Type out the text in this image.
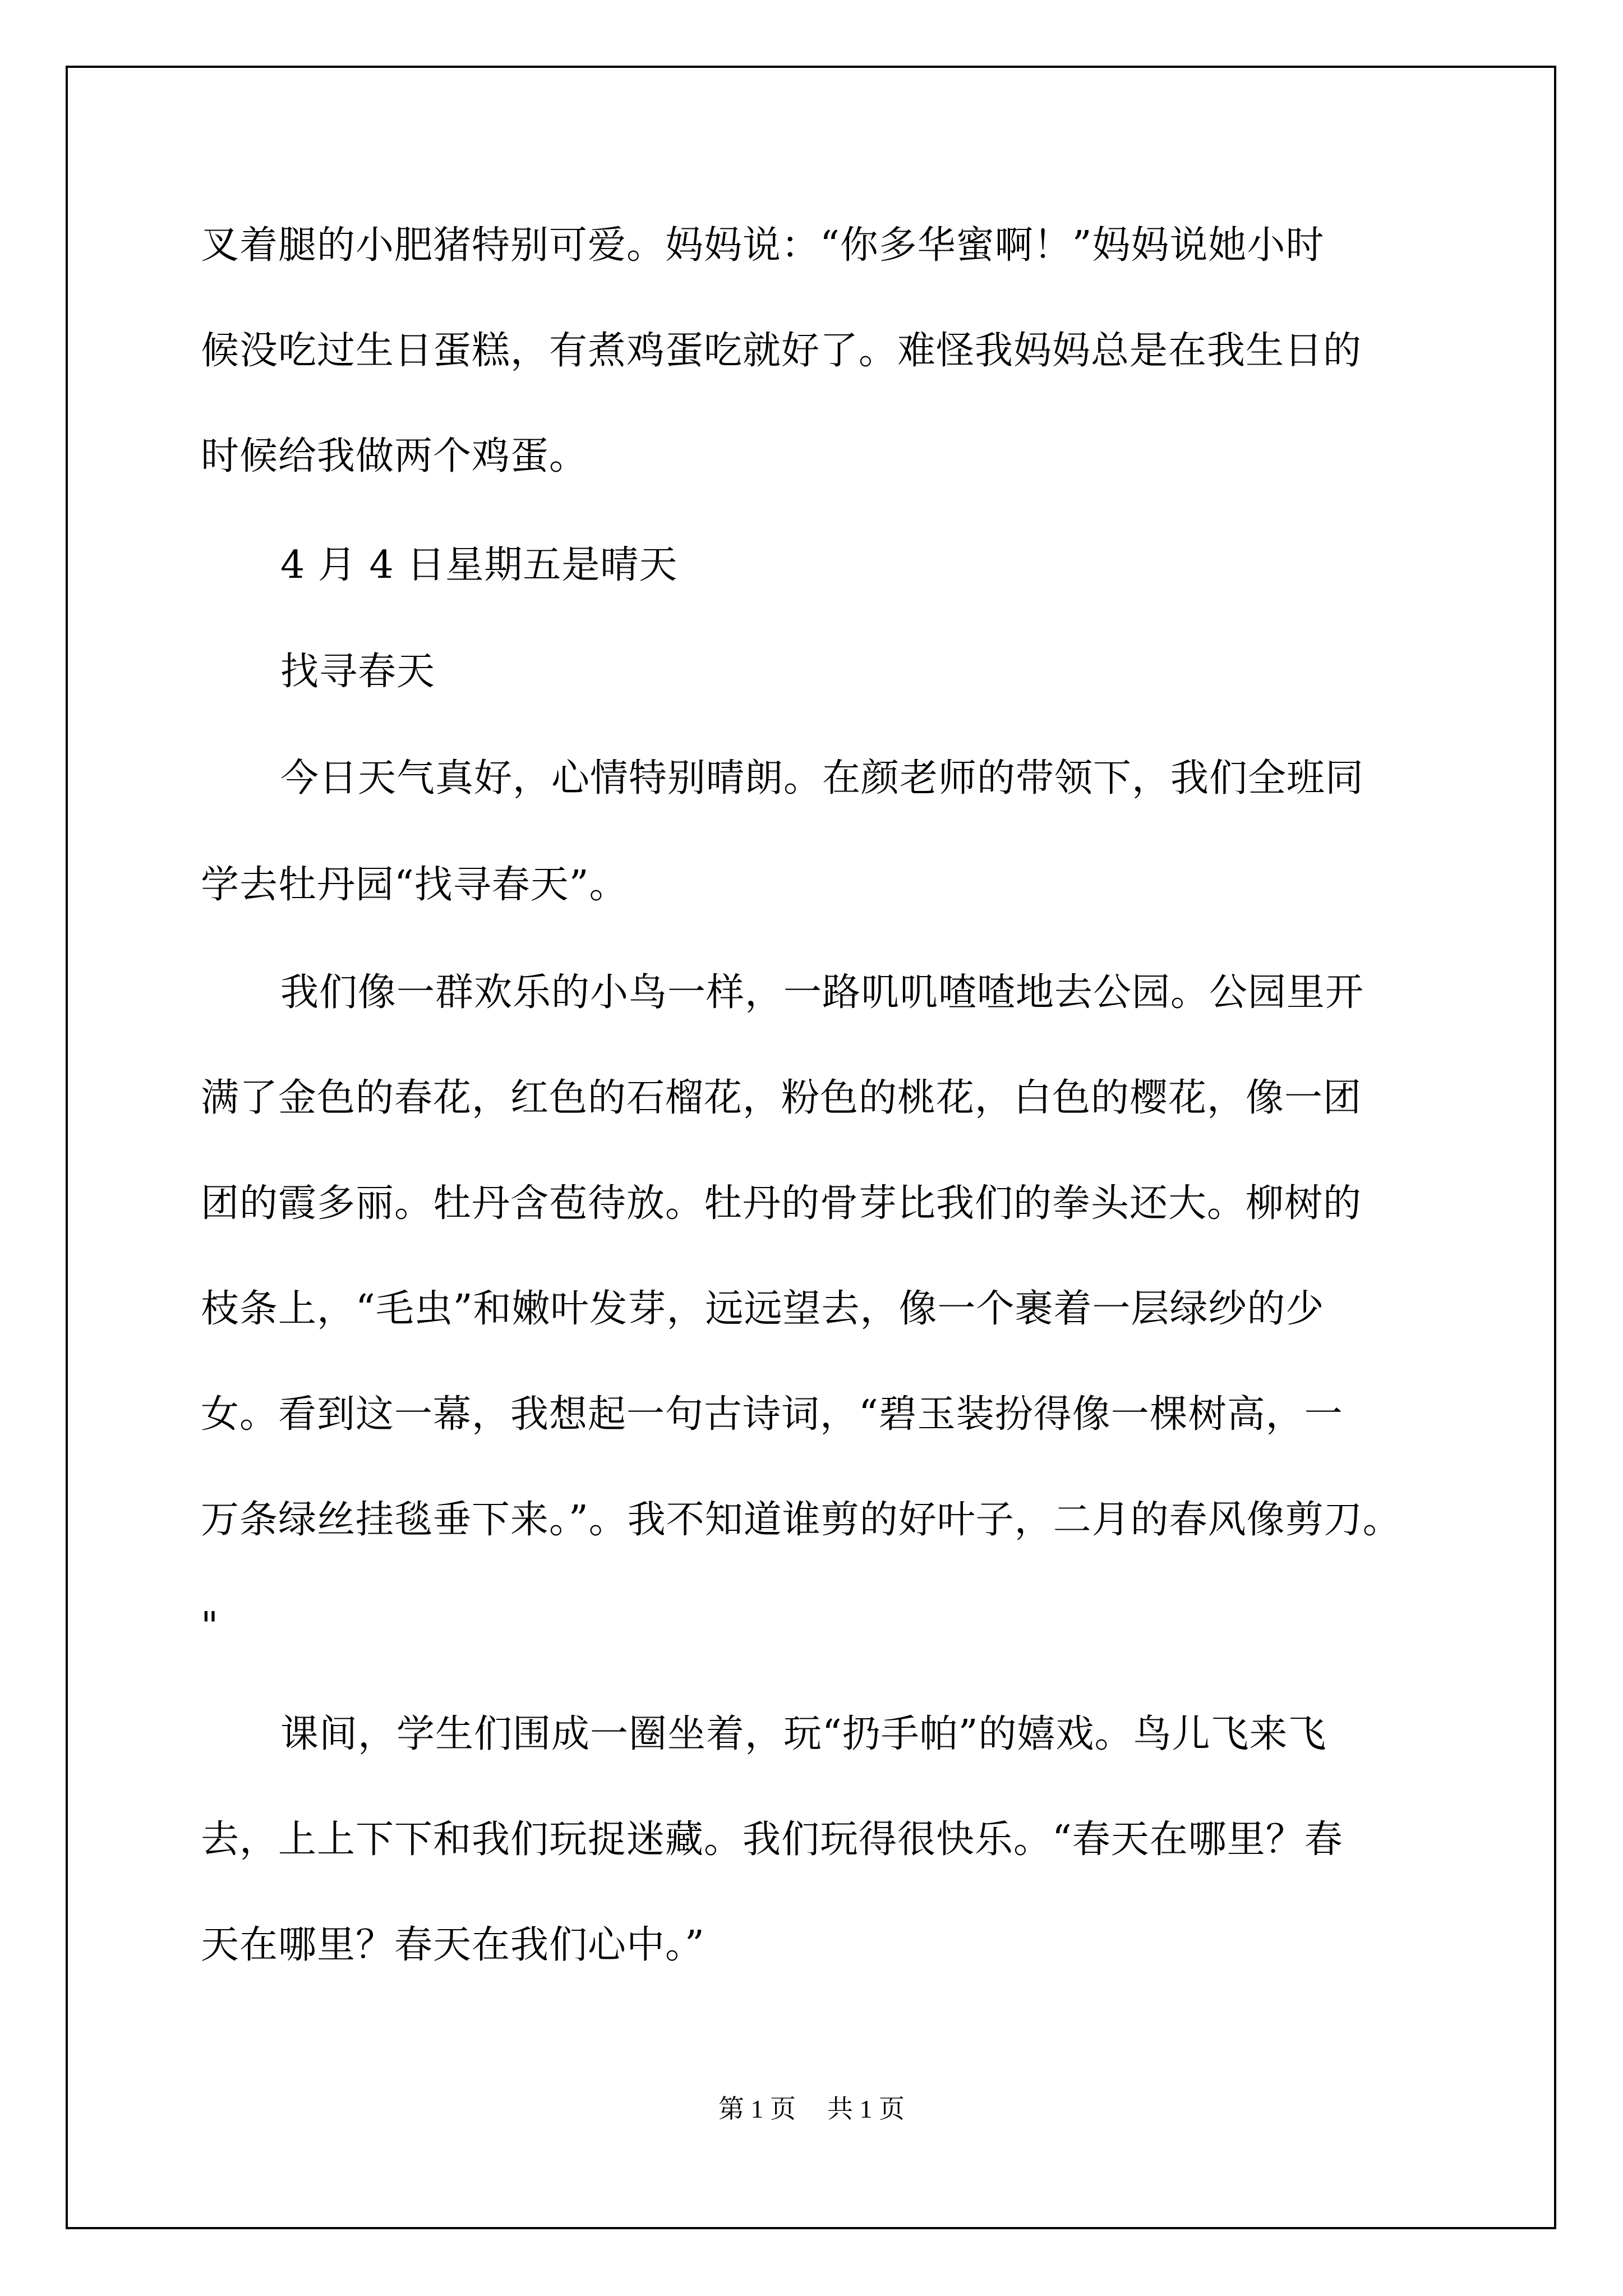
叉着腿的小肥猪特别可爱。妈妈说：“你多华蜜啊！”妈妈说她小时
候没吃过生日蛋糕，有煮鸡蛋吃就好了。难怪我妈妈总是在我生日的
时候给我做两个鸡蛋。
4 月 4 日星期五是晴天
找寻春天
今日天气真好，心情特别晴朗。在颜老师的带领下，我们全班同
学去牡丹园“找寻春天”。
我们像一群欢乐的小鸟一样，一路叽叽喳喳地去公园。公园里开
满了金色的春花，红色的石榴花，粉色的桃花，白色的樱花，像一团
团的霞多丽。牡丹含苞待放。牡丹的骨芽比我们的拳头还大。柳树的
枝条上，“毛虫”和嫩叶发芽，远远望去，像一个裹着一层绿纱的少
女。看到这一幕，我想起一句古诗词，“碧玉装扮得像一棵树高，一
万条绿丝挂毯垂下来。”。我不知道谁剪的好叶子，二月的春风像剪刀。
"
课间，学生们围成一圈坐着，玩“扔手帕”的嬉戏。鸟儿飞来飞
去，上上下下和我们玩捉迷藏。我们玩得很快乐。“春天在哪里？春
天在哪里？春天在我们心中。”
第 1 页 共 1 页
